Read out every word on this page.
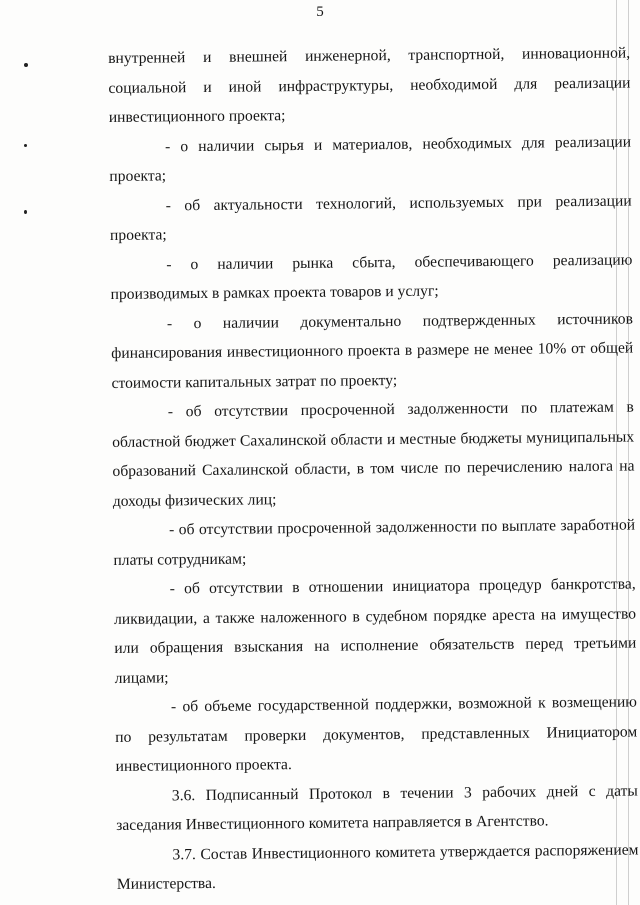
5

внутренней и внешней инженерной, транспортной, инновационной, социальной и иной инфраструктуры, необходимой для реализации инвестиционного проекта;

- о наличии сырья и материалов, необходимых для реализации проекта;

- об актуальности технологий, используемых при реализации проекта;

- о наличии рынка сбыта, обеспечивающего реализацию производимых в рамках проекта товаров и услуг;

- о наличии документально подтвержденных источников финансирования инвестиционного проекта в размере не менее 10% от общей стоимости капитальных затрат по проекту;

- об отсутствии просроченной задолженности по платежам в областной бюджет Сахалинской области и местные бюджеты муниципальных образований Сахалинской области, в том числе по перечислению налога на доходы физических лиц;

- об отсутствии просроченной задолженности по выплате заработной платы сотрудникам;

- об отсутствии в отношении инициатора процедур банкротства, ликвидации, а также наложенного в судебном порядке ареста на имущество или обращения взыскания на исполнение обязательств перед третьими лицами;

- об объеме государственной поддержки, возможной к возмещению по результатам проверки документов, представленных Инициатором инвестиционного проекта.

3.6. Подписанный Протокол в течении 3 рабочих дней с даты заседания Инвестиционного комитета направляется в Агентство.

3.7. Состав Инвестиционного комитета утверждается распоряжением Министерства.
